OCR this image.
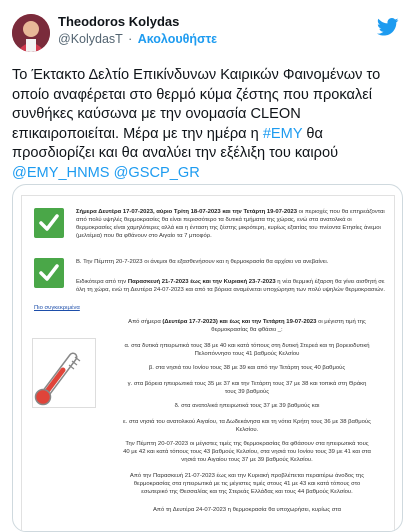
Theodoros Kolydas
@KolydasT · Ακολουθήστε

Το Έκτακτο Δελτίο Επικίνδυνων Καιρικών Φαινομένων το οποίο αναφέρεται στο θερμό κύμα ζέστης που προκαλεί συνθήκες καύσωνα με την ονομασία CLEON επικαιροποιείται. Μέρα με την ημέρα η #ΕΜΥ θα προσδιορίζει και θα αναλύει την εξέλιξη του καιρού @EMY_HNMS @GSCP_GR

Σήμερα Δευτέρα 17-07-2023, αύριο Τρίτη 18-07-2023 και την Τετάρτη 19-07-2023 οι περιοχές που θα επηρεάζονται από πολύ υψηλές θερμοκρασίες θα είναι περισσότερο τα δυτικά τμήματα της χώρας, ενώ στα ανατολικά οι θερμοκρασίες είναι χαμηλότερες αλλά και η ένταση της ζέστης μικρότερη, κυρίως εξαιτίας του πνέοντα Ετησίες άνεμοι (μελτέμια) που θα φθάνουν στο Αιγαίο τα 7 μποφόρ.
Β. Την Πέμπτη 20-7-2023 οι άνεμοι θα εξασθενήσουν και η θερμοκρασία θα αρχίσει να ανεβαίνει.
Ειδικότερα από την Παρασκευή 21-7-2023 έως και την Κυριακή 23-7-2023 η νέα θερμική έξαρση θα γίνει αισθητή σε όλη τη χώρα, ενώ τη Δευτέρα 24-07-2023 και από τα βόρεια αναμένεται υποχώρηση των πολύ υψηλών θερμοκρασιών.
Πιο συγκεκριμένα
Από σήμερα (Δευτέρα 17-7-2023) και έως και την Τετάρτη 19-07-2023 οι μέγιστη τιμή της θερμοκρασίας θα φθάσει _:
α. στα δυτικά ηπειρωτικά τους 38 με 40 και κατά τόπους στη δυτική Στερεά και τη βορειοδυτική Πελοπόννησο τους 41 βαθμούς Κελσίου
β. στα νησιά του Ιονίου τους 38 με 39 και από την Τετάρτη τους 40 βαθμούς
γ. στα βόρεια ηπειρωτικά τους 35 με 37 και την Τετάρτη τους 37 με 38 και τοπικά στη Θράκη τους 39 βαθμούς
δ. στα ανατολικά ηπειρωτικά τους 37 με 39 βαθμούς και
ε. στα νησιά του ανατολικού Αιγαίου, τα Δωδεκάνησα και τη νότια Κρήτη τους 36 με 38 βαθμούς Κελσίου.
Την Πέμπτη 20-07-2023 οι μέγιστες τιμές της θερμοκρασίας θα φθάσουν στα ηπειρωτικά τους 40 με 42 και κατά τόπους τους 43 βαθμούς Κελσίου, στα νησιά του Ιονίου τους 39 με 41 και στα νησιά του Αιγαίου τους 37 με 39 βαθμούς Κελσίου.
Από την Παρασκευή 21-07-2023 έως και την Κυριακή προβλέπεται περαιτέρω άνοδος της θερμοκρασίας στα ηπειρωτικά με τις μέγιστες τιμές στους 41 με 43 και κατά τόπους στο εσωτερικό της Θεσσαλίας και της Στερεάς Ελλάδας και τους 44 βαθμούς Κελσίου.
Από τη Δευτέρα 24-07-2023 η θερμοκρασία θα υποχωρήσει, κυρίως στα
